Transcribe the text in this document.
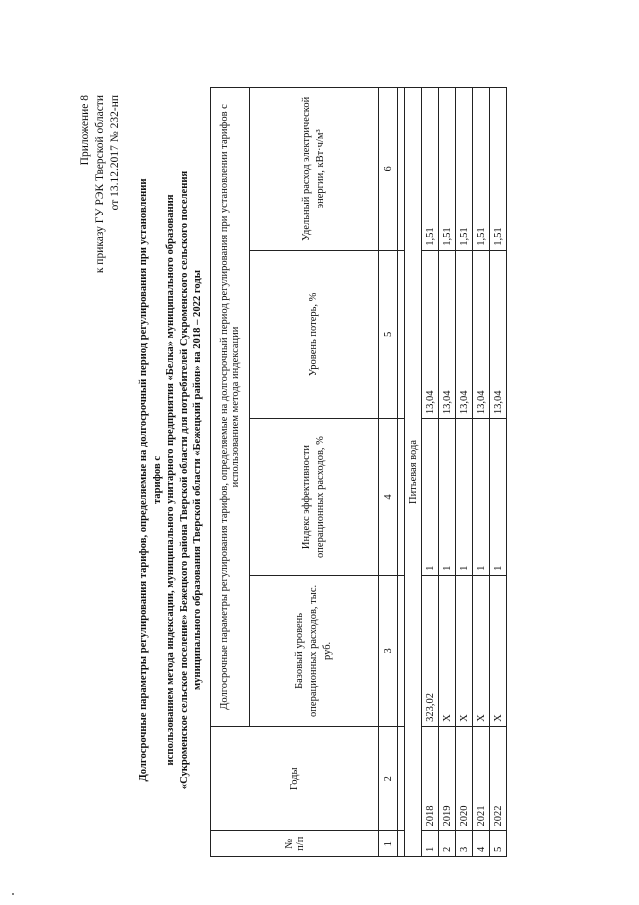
Приложение 8 к приказу ГУ РЭК Тверской области от 13.12.2017 № 232-нп
Долгосрочные параметры регулирования тарифов, определяемые на долгосрочный период регулирования при установлении тарифов с использованием метода индексации, муниципального унитарного предприятия «Белка» муниципального образования «Сукроменское сельское поселение» Бежецкого района Тверской области для потребителей Сукроменского сельского поселения муниципального образования Тверской области «Бежецкий район» на 2018 – 2022 годы
№ п/п	Годы	Долгосрочные параметры регулирования тарифов, определяемые на долгосрочный период регулирования при установлении тарифов с использованием метода индексации			
		Базовый уровень операционных расходов, тыс. руб.	Индекс эффективности операционных расходов, %	Уровень потерь, %	Удельный расход электрической энергии, кВт·ч/м³
1	2	3	4	5	6

Питьевая вода					
1	2018	323,02	1	13,04	1,51
2	2019	Х	1	13,04	1,51
3	2020	Х	1	13,04	1,51
4	2021	Х	1	13,04	1,51
5	2022	Х	1	13,04	1,51
